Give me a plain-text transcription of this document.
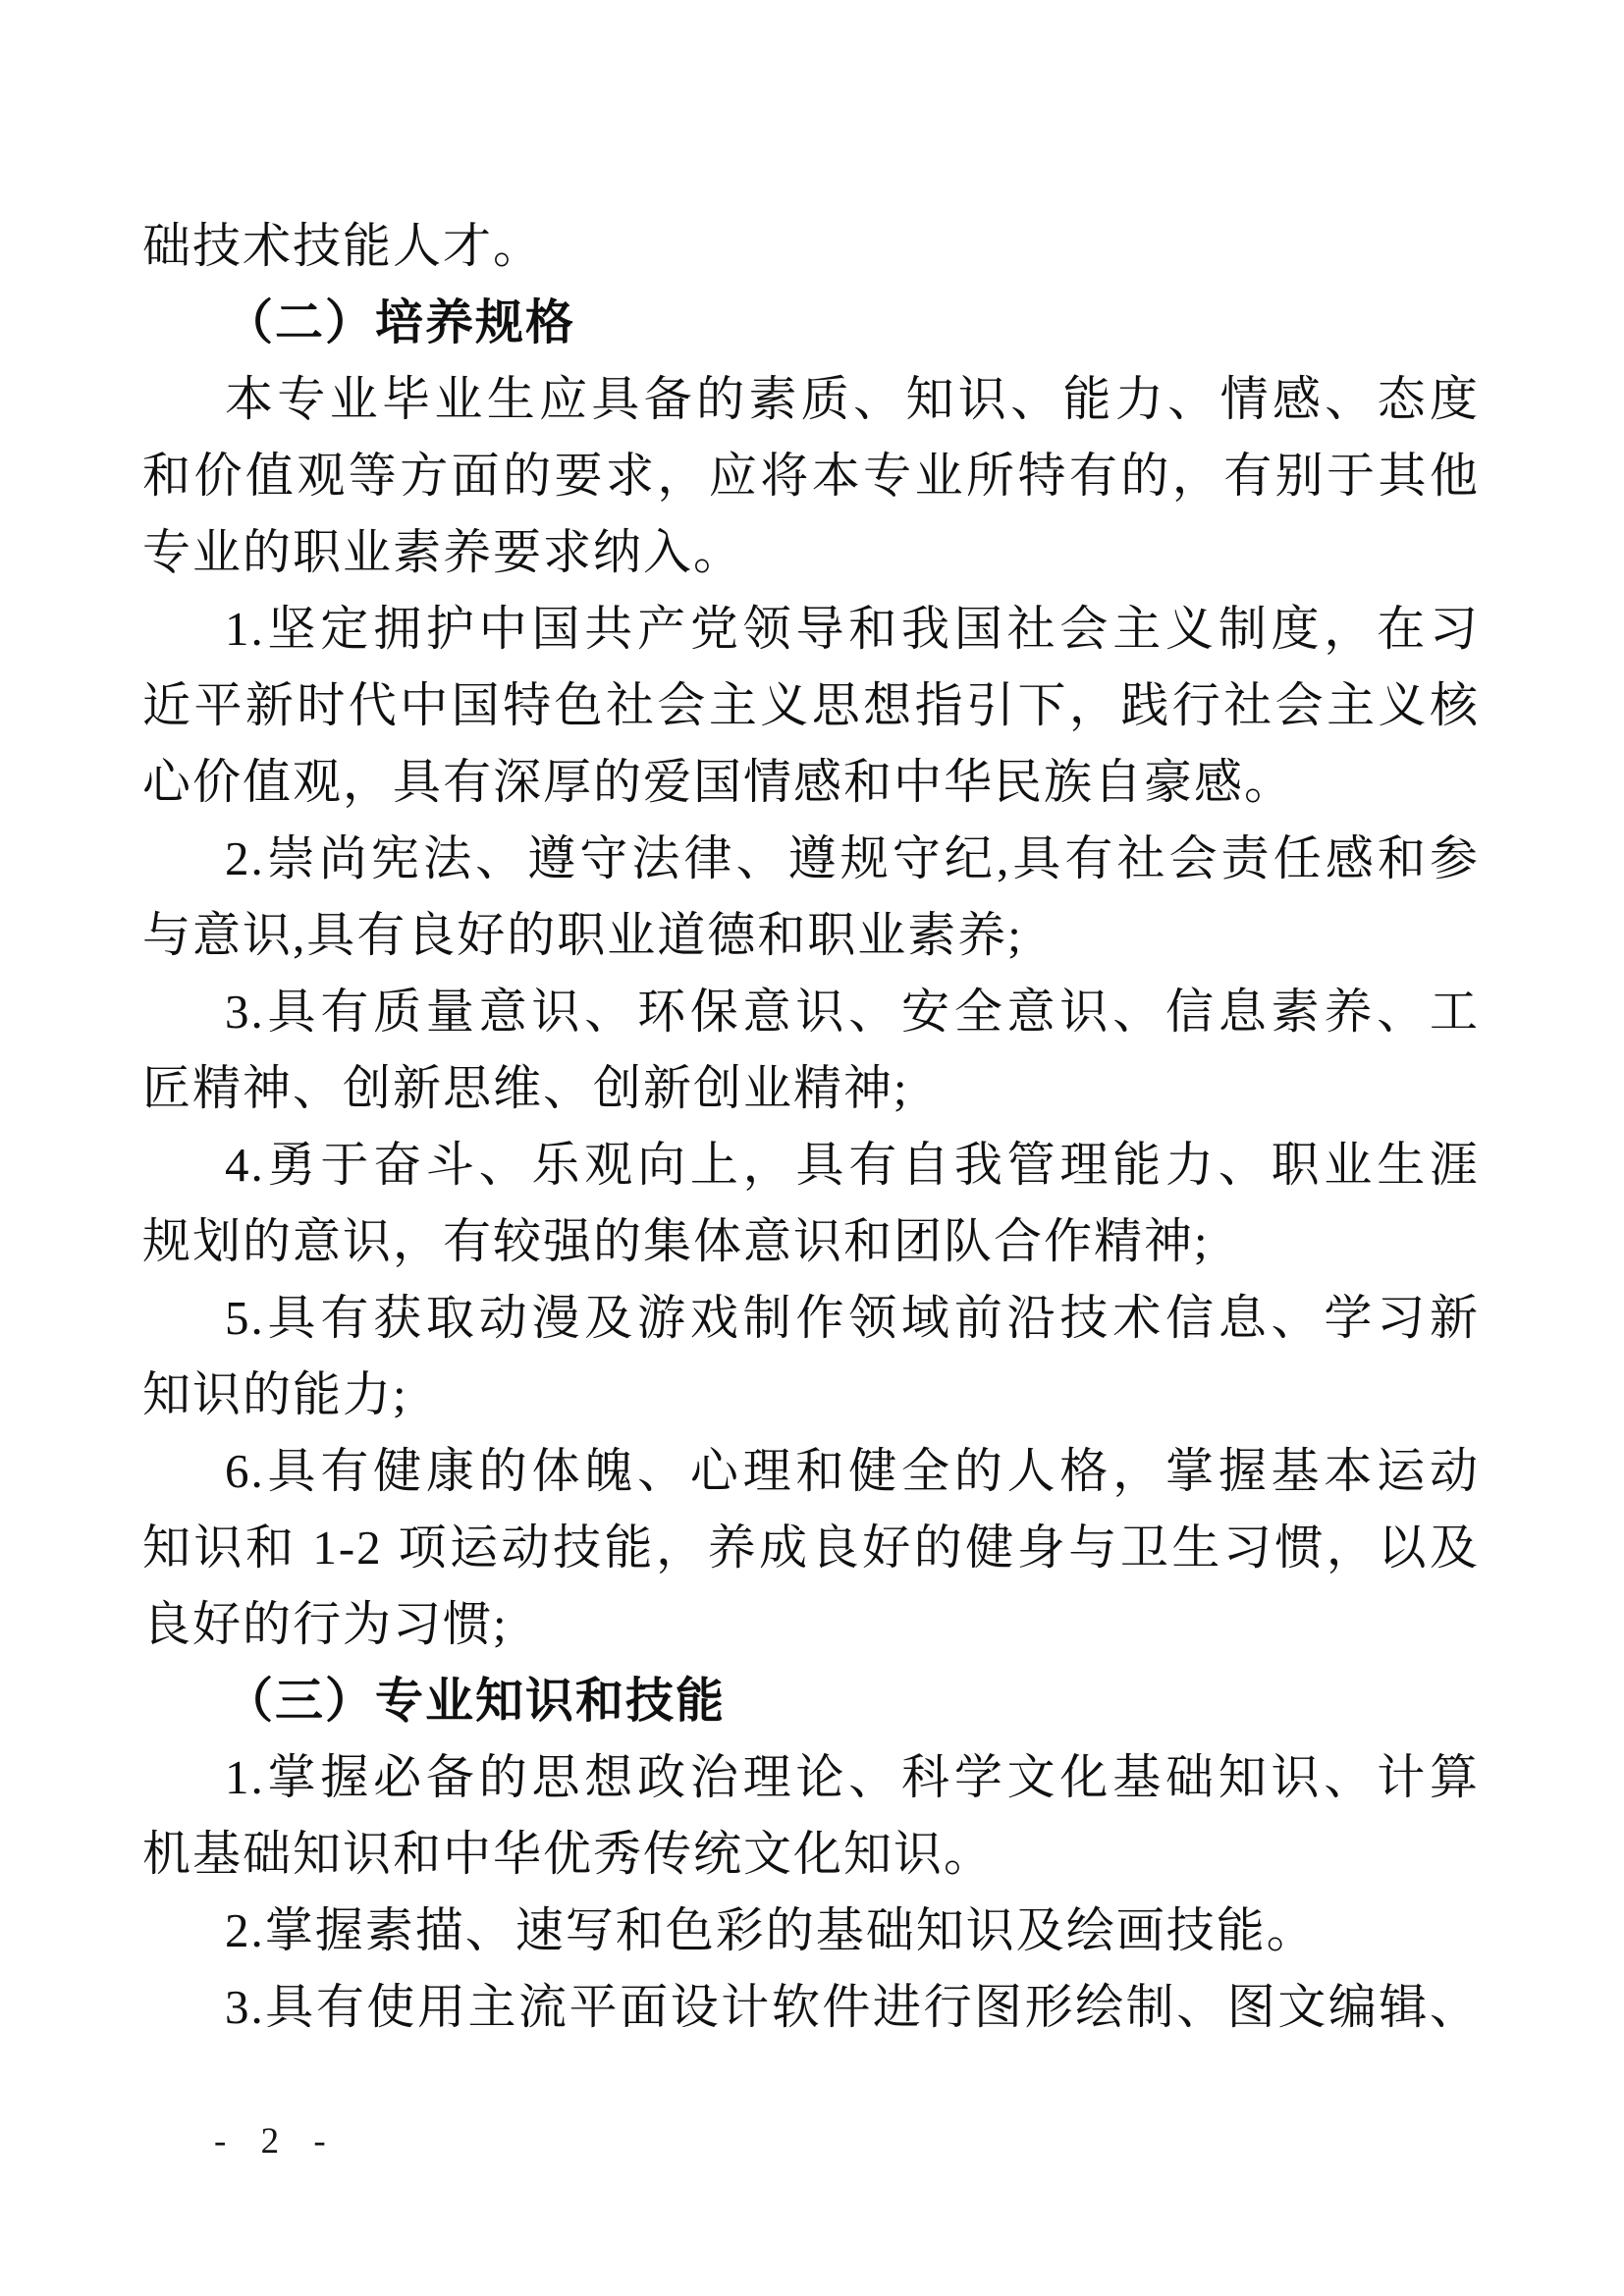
础技术技能人才。
（二）培养规格
本专业毕业生应具备的素质、知识、能力、情感、态度
和价值观等方面的要求，应将本专业所特有的，有别于其他
专业的职业素养要求纳入。
1.坚定拥护中国共产党领导和我国社会主义制度，在习
近平新时代中国特色社会主义思想指引下，践行社会主义核
心价值观，具有深厚的爱国情感和中华民族自豪感。
2.崇尚宪法、遵守法律、遵规守纪,具有社会责任感和参
与意识,具有良好的职业道德和职业素养;
3.具有质量意识、环保意识、安全意识、信息素养、工
匠精神、创新思维、创新创业精神;
4.勇于奋斗、乐观向上，具有自我管理能力、职业生涯
规划的意识，有较强的集体意识和团队合作精神;
5.具有获取动漫及游戏制作领域前沿技术信息、学习新
知识的能力;
6.具有健康的体魄、心理和健全的人格，掌握基本运动
知识和 1-2 项运动技能，养成良好的健身与卫生习惯，以及
良好的行为习惯;
（三）专业知识和技能
1.掌握必备的思想政治理论、科学文化基础知识、计算
机基础知识和中华优秀传统文化知识。
2.掌握素描、速写和色彩的基础知识及绘画技能。
3.具有使用主流平面设计软件进行图形绘制、图文编辑、
- 2 -
